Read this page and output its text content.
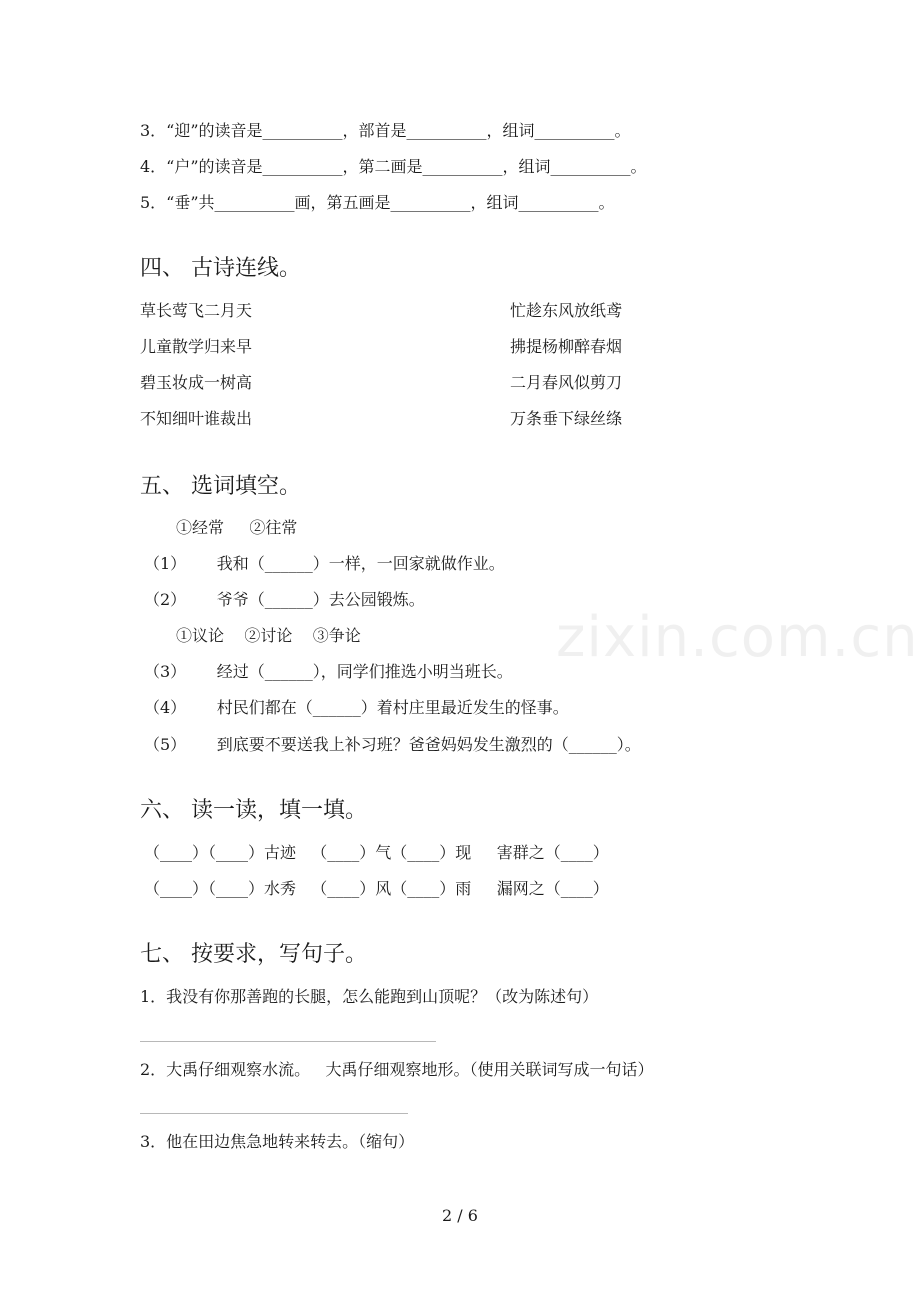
zixin.com.cn
3．“迎”的读音是__________，部首是__________，组词__________。
4．“户”的读音是__________，第二画是__________，组词__________。
5．“垂”共__________画，第五画是__________，组词__________。
四、 古诗连线。
草长莺飞二月天
儿童散学归来早
碧玉妆成一树高
不知细叶谁裁出
忙趁东风放纸鸢
拂提杨柳醉春烟
二月春风似剪刀
万条垂下绿丝绦
五、 选词填空。
①经常     ②往常
（1）      我和（______）一样，一回家就做作业。
（2）      爷爷（______）去公园锻炼。
①议论    ②讨论    ③争论
（3）      经过（______），同学们推选小明当班长。
（4）      村民们都在（______）着村庄里最近发生的怪事。
（5）      到底要不要送我上补习班？爸爸妈妈发生激烈的（______）。
六、 读一读，填一填。
（____）（____）古迹   （____）气（____）现     害群之（____）
（____）（____）水秀   （____）风（____）雨     漏网之（____）
七、 按要求，写句子。
1．我没有你那善跑的长腿，怎么能跑到山顶呢？（改为陈述句）
2．大禹仔细观察水流。   大禹仔细观察地形。（使用关联词写成一句话）
3．他在田边焦急地转来转去。（缩句）
2 / 6
